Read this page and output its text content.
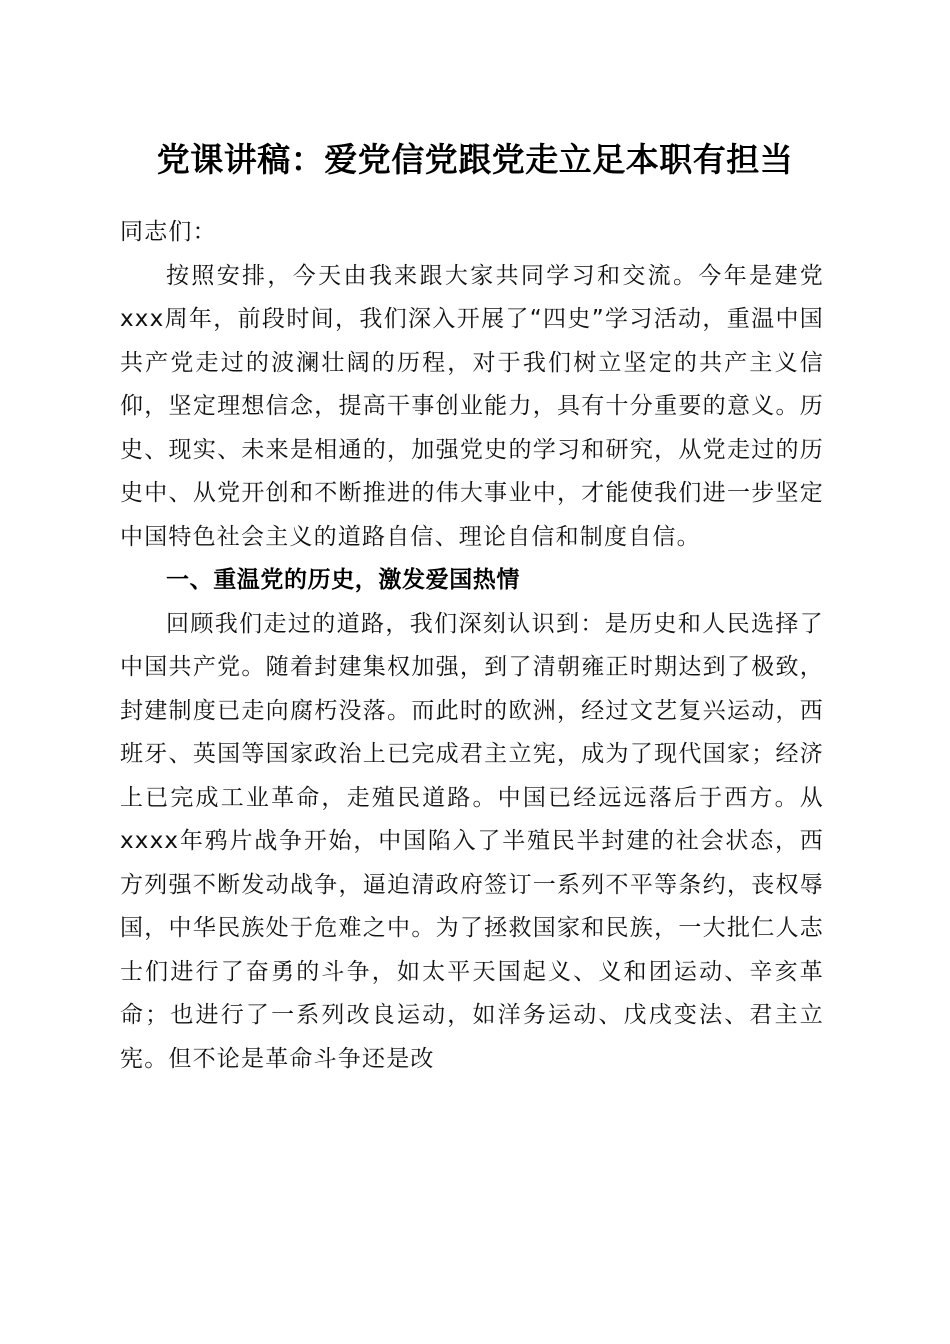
党课讲稿：爱党信党跟党走立足本职有担当

同志们：

按照安排，今天由我来跟大家共同学习和交流。今年是建党xxx周年，前段时间，我们深入开展了“四史”学习活动，重温中国共产党走过的波澜壮阔的历程，对于我们树立坚定的共产主义信仰，坚定理想信念，提高干事创业能力，具有十分重要的意义。历史、现实、未来是相通的，加强党史的学习和研究，从党走过的历史中、从党开创和不断推进的伟大事业中，才能使我们进一步坚定中国特色社会主义的道路自信、理论自信和制度自信。

一、重温党的历史，激发爱国热情

回顾我们走过的道路，我们深刻认识到：是历史和人民选择了中国共产党。随着封建集权加强，到了清朝雍正时期达到了极致，封建制度已走向腐朽没落。而此时的欧洲，经过文艺复兴运动，西班牙、英国等国家政治上已完成君主立宪，成为了现代国家；经济上已完成工业革命，走殖民道路。中国已经远远落后于西方。从xxxx年鸦片战争开始，中国陷入了半殖民半封建的社会状态，西方列强不断发动战争，逼迫清政府签订一系列不平等条约，丧权辱国，中华民族处于危难之中。为了拯救国家和民族，一大批仁人志士们进行了奋勇的斗争，如太平天国起义、义和团运动、辛亥革命；也进行了一系列改良运动，如洋务运动、戊戌变法、君主立宪。但不论是革命斗争还是改
